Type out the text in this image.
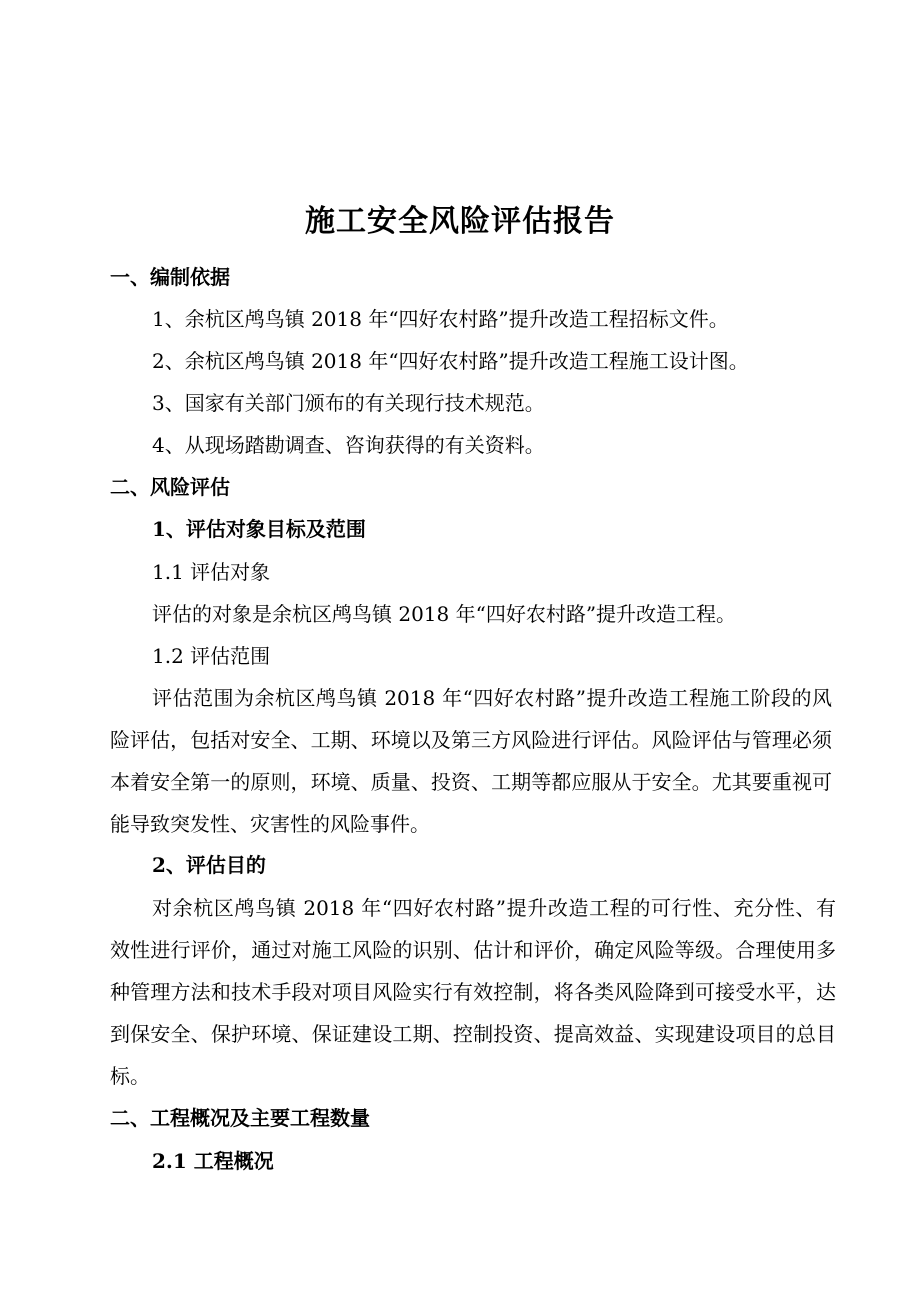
施工安全风险评估报告
一、编制依据
1、余杭区鸬鸟镇 2018 年“四好农村路”提升改造工程招标文件。
2、余杭区鸬鸟镇 2018 年“四好农村路”提升改造工程施工设计图。
3、国家有关部门颁布的有关现行技术规范。
4、从现场踏勘调查、咨询获得的有关资料。
二、风险评估
1、评估对象目标及范围
1.1 评估对象
评估的对象是余杭区鸬鸟镇 2018 年“四好农村路”提升改造工程。
1.2 评估范围
评估范围为余杭区鸬鸟镇 2018 年“四好农村路”提升改造工程施工阶段的风险评估，包括对安全、工期、环境以及第三方风险进行评估。风险评估与管理必须本着安全第一的原则，环境、质量、投资、工期等都应服从于安全。尤其要重视可能导致突发性、灾害性的风险事件。
2、评估目的
对余杭区鸬鸟镇 2018 年“四好农村路”提升改造工程的可行性、充分性、有效性进行评价，通过对施工风险的识别、估计和评价，确定风险等级。合理使用多种管理方法和技术手段对项目风险实行有效控制，将各类风险降到可接受水平，达到保安全、保护环境、保证建设工期、控制投资、提高效益、实现建设项目的总目标。
二、工程概况及主要工程数量
2.1 工程概况
